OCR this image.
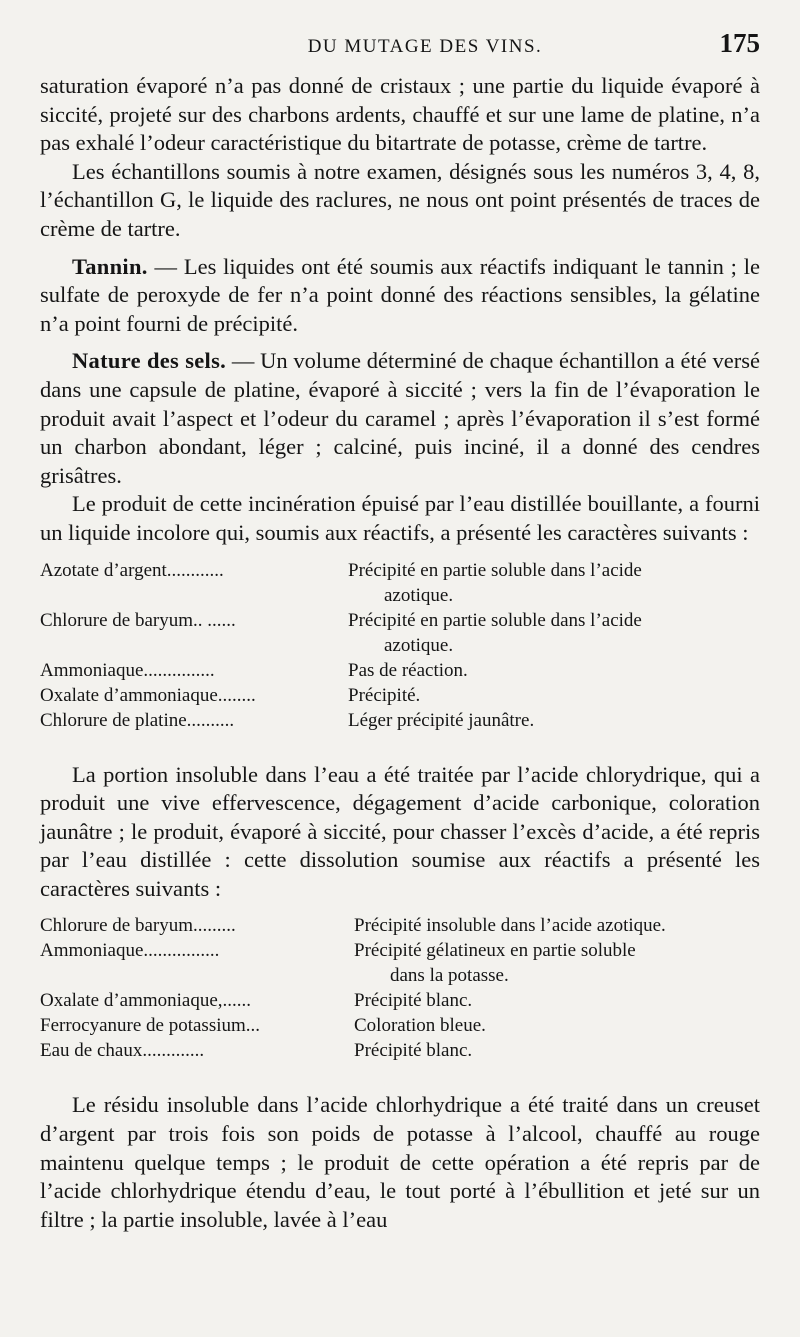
DU MUTAGE DES VINS.	175

saturation évaporé n’a pas donné de cristaux ; une partie du liquide évaporé à siccité, projeté sur des charbons ardents, chauffé et sur une lame de platine, n’a pas exhalé l’odeur caractéristique du bitartrate de potasse, crème de tartre.

Les échantillons soumis à notre examen, désignés sous les numéros 3, 4, 8, l’échantillon G, le liquide des raclures, ne nous ont point présentés de traces de crème de tartre.

Tannin. — Les liquides ont été soumis aux réactifs indiquant le tannin ; le sulfate de peroxyde de fer n’a point donné des réactions sensibles, la gélatine n’a point fourni de précipité.

Nature des sels. — Un volume déterminé de chaque échantillon a été versé dans une capsule de platine, évaporé à siccité ; vers la fin de l’évaporation le produit avait l’aspect et l’odeur du caramel ; après l’évaporation il s’est formé un charbon abondant, léger ; calciné, puis inciné, il a donné des cendres grisâtres.

Le produit de cette incinération épuisé par l’eau distillée bouillante, a fourni un liquide incolore qui, soumis aux réactifs, a présenté les caractères suivants :

Azotate d’argent............	Précipité en partie soluble dans l’acide
azotique.

Chlorure de baryum.. ......	Précipité en partie soluble dans l’acide
azotique.

Ammoniaque...............	Pas de réaction.
Oxalate d’ammoniaque........	Précipité.
Chlorure de platine..........	Léger précipité jaunâtre.

La portion insoluble dans l’eau a été traitée par l’acide chlorydrique, qui a produit une vive effervescence, dégagement d’acide carbonique, coloration jaunâtre ; le produit, évaporé à siccité, pour chasser l’excès d’acide, a été repris par l’eau distillée : cette dissolution soumise aux réactifs a présenté les caractères suivants :

Chlorure de baryum.........	Précipité insoluble dans l’acide azotique.
Ammoniaque................	Précipité gélatineux en partie soluble
dans la potasse.

Oxalate d’ammoniaque,......	Précipité blanc.
Ferrocyanure de potassium...	Coloration bleue.
Eau de chaux.............	Précipité blanc.

Le résidu insoluble dans l’acide chlorhydrique a été traité dans un creuset d’argent par trois fois son poids de potasse à l’alcool, chauffé au rouge maintenu quelque temps ; le produit de cette opération a été repris par de l’acide chlorhydrique étendu d’eau, le tout porté à l’ébullition et jeté sur un filtre ; la partie insoluble, lavée à l’eau
